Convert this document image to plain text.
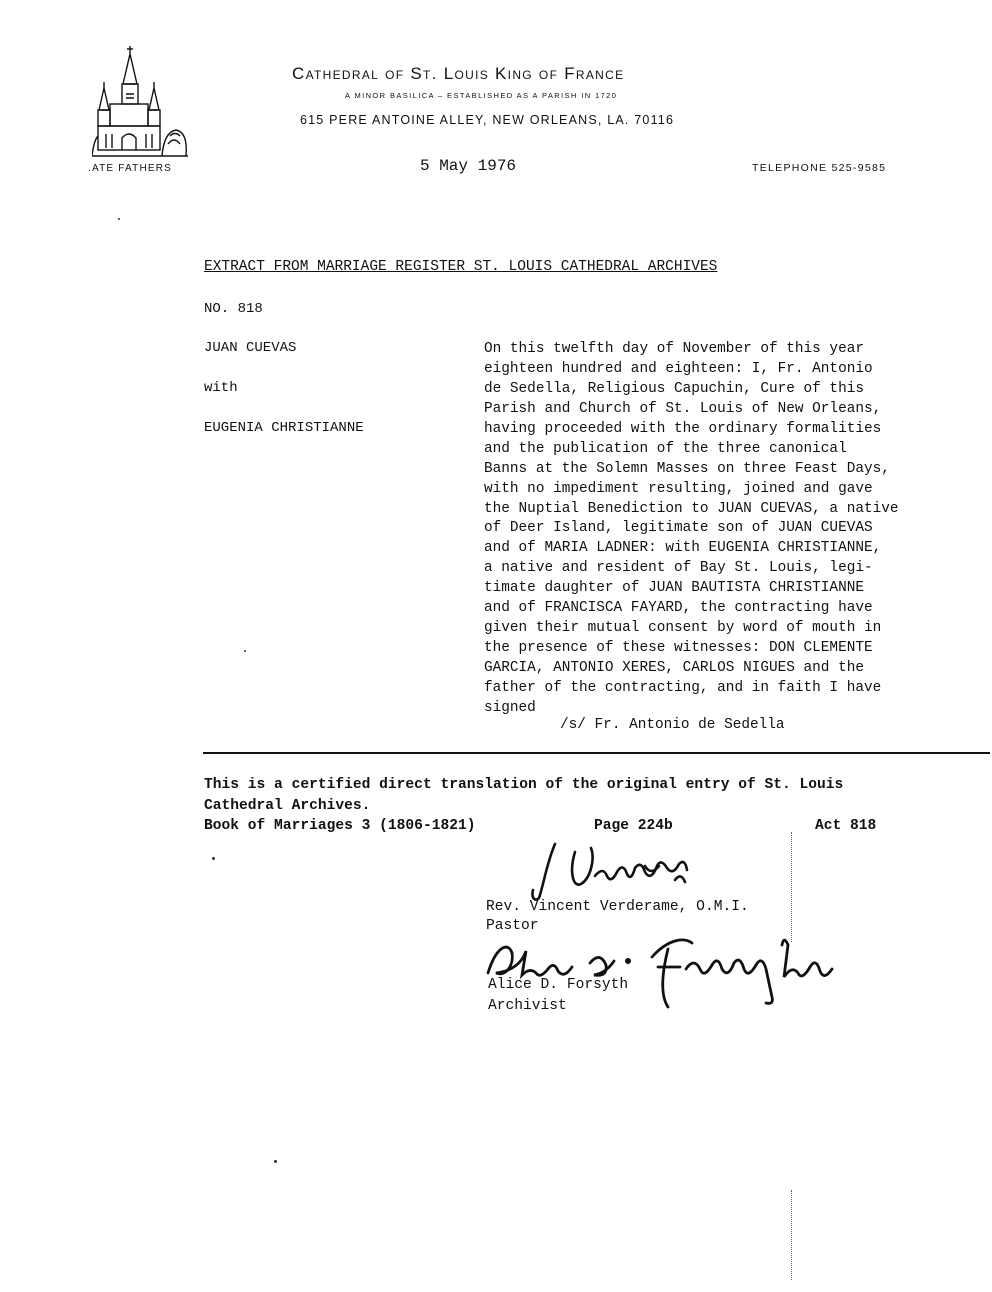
Cathedral of St. Louis King of France
A MINOR BASILICA – ESTABLISHED AS A PARISH IN 1720
615 PERE ANTOINE ALLEY, NEW ORLEANS, LA. 70116
.ATE FATHERS	5 May 1976	TELEPHONE 525-9585
EXTRACT FROM MARRIAGE REGISTER ST. LOUIS CATHEDRAL ARCHIVES
NO. 818
JUAN CUEVAS
with
EUGENIA CHRISTIANNE
On this twelfth day of November of this year
eighteen hundred and eighteen: I, Fr. Antonio
de Sedella, Religious Capuchin, Cure of this
Parish and Church of St. Louis of New Orleans,
having proceeded with the ordinary formalities
and the publication of the three canonical
Banns at the Solemn Masses on three Feast Days,
with no impediment resulting, joined and gave
the Nuptial Benediction to JUAN CUEVAS, a native
of Deer Island, legitimate son of JUAN CUEVAS
and of MARIA LADNER: with EUGENIA CHRISTIANNE,
a native and resident of Bay St. Louis, legi-
timate daughter of JUAN BAUTISTA CHRISTIANNE
and of FRANCISCA FAYARD, the contracting have
given their mutual consent by word of mouth in
the presence of these witnesses: DON CLEMENTE
GARCIA, ANTONIO XERES, CARLOS NIGUES and the
father of the contracting, and in faith I have
signed
/s/ Fr. Antonio de Sedella
This is a certified direct translation of the original entry of St. Louis
Cathedral Archives.
Book of Marriages 3 (1806-1821)	Page 224b	Act 818
Rev. Vincent Verderame, O.M.I.
Pastor
Alice D. Forsyth
Archivist
